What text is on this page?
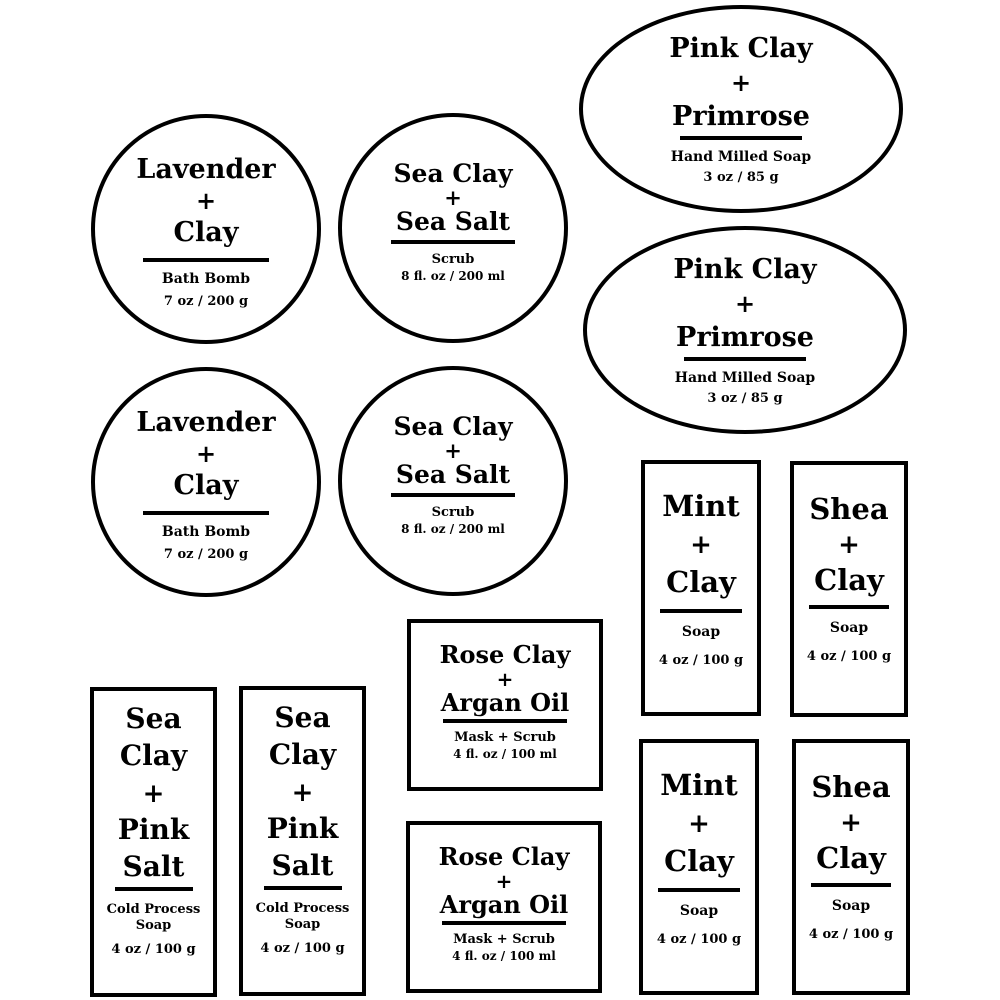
Lavender
+
Clay
Bath Bomb
7 oz / 200 g
Lavender
+
Clay
Bath Bomb
7 oz / 200 g
Sea Clay
+
Sea Salt
Scrub
8 fl. oz / 200 ml
Sea Clay
+
Sea Salt
Scrub
8 fl. oz / 200 ml
Pink Clay
+
Primrose
Hand Milled Soap
3 oz / 85 g
Pink Clay
+
Primrose
Hand Milled Soap
3 oz / 85 g
Mint
+
Clay
Soap
4 oz / 100 g
Mint
+
Clay
Soap
4 oz / 100 g
Shea
+
Clay
Soap
4 oz / 100 g
Shea
+
Clay
Soap
4 oz / 100 g
Rose Clay
+
Argan Oil
Mask + Scrub
4 fl. oz / 100 ml
Rose Clay
+
Argan Oil
Mask + Scrub
4 fl. oz / 100 ml
Sea
Clay
+
Pink
Salt
Cold Process
Soap
4 oz / 100 g
Sea
Clay
+
Pink
Salt
Cold Process
Soap
4 oz / 100 g
